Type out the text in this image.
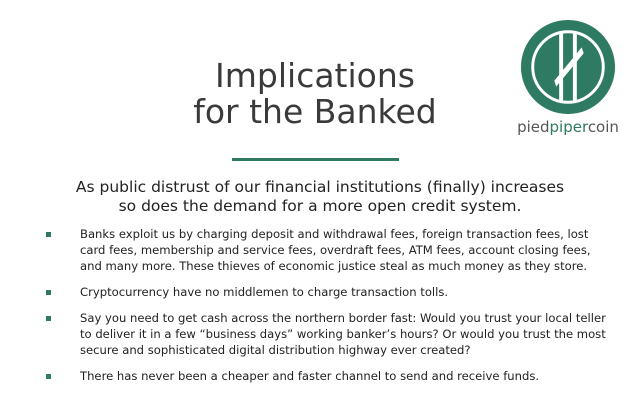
Implications
for the Banked	piedpipercoin

As public distrust of our financial institutions (finally) increases
so does the demand for a more open credit system.

Banks exploit us by charging deposit and withdrawal fees, foreign transaction fees, lost card fees, membership and service fees, overdraft fees, ATM fees, account closing fees, and many more. These thieves of economic justice steal as much money as they store.
Cryptocurrency have no middlemen to charge transaction tolls.
Say you need to get cash across the northern border fast: Would you trust your local teller to deliver it in a few “business days” working banker’s hours? Or would you trust the most secure and sophisticated digital distribution highway ever created?
There has never been a cheaper and faster channel to send and receive funds.
